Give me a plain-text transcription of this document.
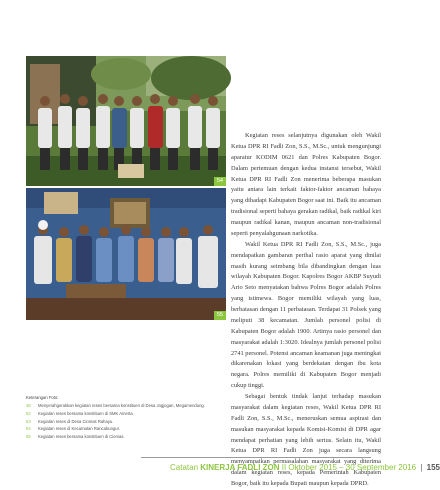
54
55

Kegiatan reses selanjutnya digunakan oleh Wakil Ketua DPR RI Fadli Zon, S.S., M.Sc., untuk mengunjungi aparatur KODIM 0621 dan Polres Kabupaten Bogor. Dalam pertemuan dengan kedua instansi tersebut, Wakil Ketua DPR RI Fadli Zon menerima beberapa masukan yaitu antara lain terkait faktor-faktor ancaman bahaya yang dihadapi Kabupaten Bogor saat ini. Baik itu ancaman tradisional seperti bahaya gerakan radikal, baik radikal kiri maupun radikal kanan, maupun ancaman non-tradisional seperti penyalahgunaan narkotika.

Wakil Ketua DPR RI Fadli Zon, S.S., M.Sc., juga mendapatkan gambaran perihal rasio aparat yang dinilai masih kurang seimbang bila dibandingkan dengan luas wilayah Kabupaten Bogor. Kapolres Bogor AKBP Suyudi Ario Seto menyatakan bahwa Polres Bogor adalah Polres yang istimewa. Bogor memiliki wilayah yang luas, berbatasan dengan 11 perbatasan. Terdapat 31 Polsek yang meliputi 38 kecamatan. Jumlah personel polisi di Kabupaten Bogor adalah 1900. Artinya rasio personel dan masyarakat adalah 1:3020. Idealnya jumlah personel polisi 2741 personel. Potensi ancaman keamanan juga meningkat dikarenakan lokasi yang berdekatan dengan ibu kota negara. Polres memiliki di Kabupaten Bogor menjadi cukup tinggi.

Sebagai bentuk tindak lanjut terhadap masukan masyarakat dalam kegiatan reses, Wakil Ketua DPR RI Fadli Zon, S.S., M.Sc., meneruskan semua aspirasi dan masukan masyarakat kepada Komisi-Komisi di DPR agar mendapat perhatian yang lebih serius. Selain itu, Wakil Ketua DPR RI Fadli Zon juga secara langsung menyampaikan permasalahan masyarakat yang diterima dalam kegiatan reses, kepada Pemerintah Kabupaten Bogor, baik itu kepada Bupati maupun kepada DPRD.

Keterangan Foto:
48	Menyerahgerakkan kegiatan reses bersama konstituen di Desa Jogjogan, Megamendung.
52	Kegiatan reses bersama konstituen di SMK Amerta.
53	Kegiatan reses di Desa Ciomas Rahayu.
54	Kegiatan reses di Kecamatan Rancabungur.
55	Kegiatan reses bersama konstituen di Ciomas.
Catatan KINERJA FADLI ZON II Oktober 2015 – 30 September 2016 | 155
